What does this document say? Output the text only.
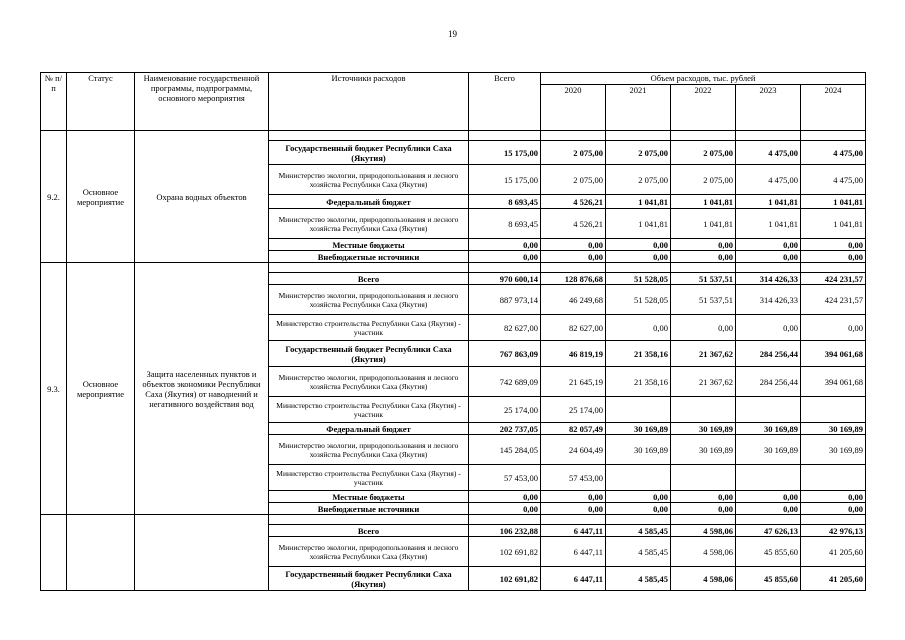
19
№ п/п	Статус	Наименование государственной программы, подпрограммы, основного мероприятия	Источники расходов	Всего	Объем расходов, тыс. рублей				
					2020	2021	2022	2023	2024
9.2.	Основное мероприятие	Охрана водных объектов							
			Государственный бюджет Республики Саха (Якутия)	15 175,00	2 075,00	2 075,00	2 075,00	4 475,00	4 475,00
			Министерство экологии, природопользования и лесного хозяйства Республики Саха (Якутия)	15 175,00	2 075,00	2 075,00	2 075,00	4 475,00	4 475,00
			Федеральный бюджет	8 693,45	4 526,21	1 041,81	1 041,81	1 041,81	1 041,81
			Министерство экологии, природопользования и лесного хозяйства Республики Саха (Якутия)	8 693,45	4 526,21	1 041,81	1 041,81	1 041,81	1 041,81
			Местные бюджеты	0,00	0,00	0,00	0,00	0,00	0,00
			Внебюджетные источники	0,00	0,00	0,00	0,00	0,00	0,00
9.3.	Основное мероприятие	Защита населенных пунктов и объектов экономики Республики Саха (Якутия) от наводнений и негативного воздействия вод							
			Всего	970 600,14	128 876,68	51 528,05	51 537,51	314 426,33	424 231,57
			Министерство экологии, природопользования и лесного хозяйства Республики Саха (Якутия)	887 973,14	46 249,68	51 528,05	51 537,51	314 426,33	424 231,57
			Министерство строительства Республики Саха (Якутия) - участник	82 627,00	82 627,00	0,00	0,00	0,00	0,00
			Государственный бюджет Республики Саха (Якутия)	767 863,09	46 819,19	21 358,16	21 367,62	284 256,44	394 061,68
			Министерство экологии, природопользования и лесного хозяйства Республики Саха (Якутия)	742 689,09	21 645,19	21 358,16	21 367,62	284 256,44	394 061,68
			Министерство строительства Республики Саха (Якутия) - участник	25 174,00	25 174,00				
			Федеральный бюджет	202 737,05	82 057,49	30 169,89	30 169,89	30 169,89	30 169,89
			Министерство экологии, природопользования и лесного хозяйства Республики Саха (Якутия)	145 284,05	24 604,49	30 169,89	30 169,89	30 169,89	30 169,89
			Министерство строительства Республики Саха (Якутия) - участник	57 453,00	57 453,00				
			Местные бюджеты	0,00	0,00	0,00	0,00	0,00	0,00
			Внебюджетные источники	0,00	0,00	0,00	0,00	0,00	0,00

			Всего	106 232,88	6 447,11	4 585,45	4 598,06	47 626,13	42 976,13
			Министерство экологии, природопользования и лесного хозяйства Республики Саха (Якутия)	102 691,82	6 447,11	4 585,45	4 598,06	45 855,60	41 205,60
			Государственный бюджет Республики Саха (Якутия)	102 691,82	6 447,11	4 585,45	4 598,06	45 855,60	41 205,60
